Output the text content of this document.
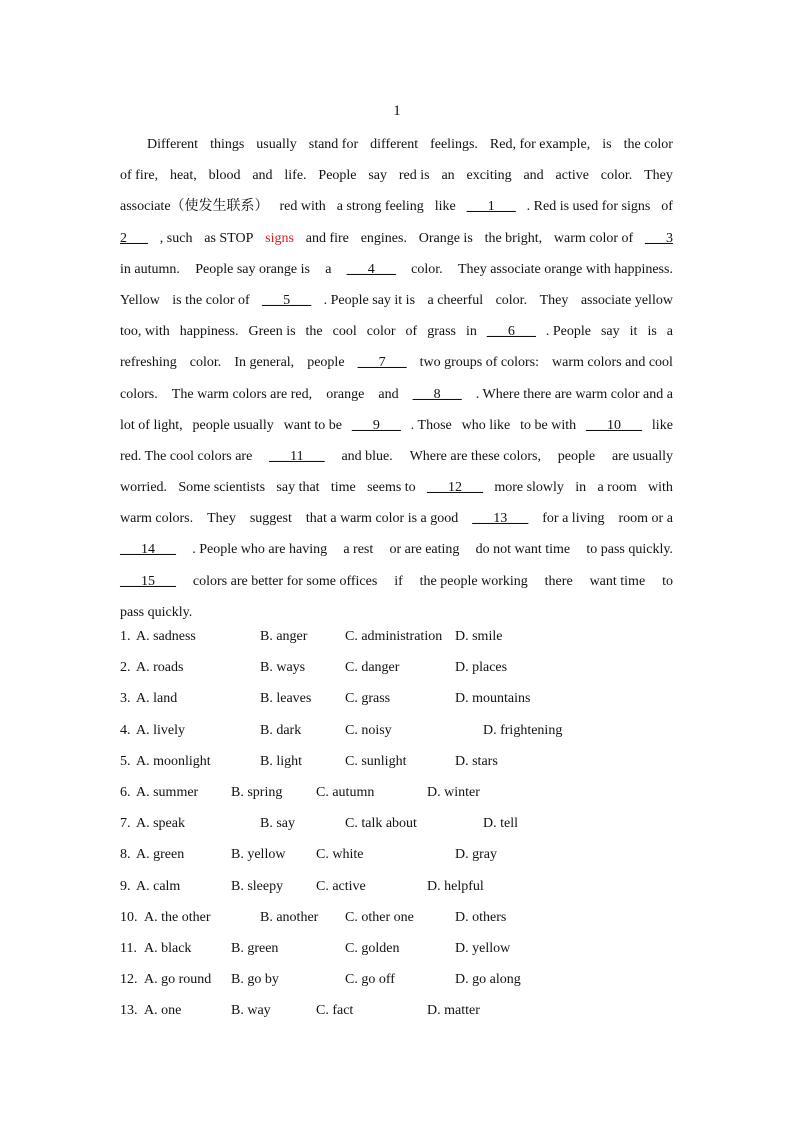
1
Different things usually stand for different feelings. Red, for example, is the color
of fire, heat, blood and life. People say red is an exciting and active color. They
associate（使发生联系） red with a strong feeling like ___1___ . Red is used for signs of
2___ , such as STOP signs and fire engines. Orange is the bright, warm color of ___3
in autumn. People say orange is a ___4___ color. They associate orange with happiness.
Yellow is the color of ___5___ . People say it is a cheerful color. They associate yellow
too, with happiness. Green is the cool color of grass in ___6___ . People say it is a
refreshing color. In general, people ___7___ two groups of colors: warm colors and cool
colors. The warm colors are red, orange and ___8___ . Where there are warm color and a
lot of light, people usually want to be ___9___ . Those who like to be with ___10___ like
red. The cool colors are ___11___ and blue. Where are these colors, people are usually
worried. Some scientists say that time seems to ___12___ more slowly in a room with
warm colors. They suggest that a warm color is a good ___13___ for a living room or a
___14___ . People who are having a rest or are eating do not want time to pass quickly.
___15___ colors are better for some offices if the people working there want time to
pass quickly.
1. A. sadness	B. anger	C. administration D. smile
2. A. roads	B. ways	C. danger	D. places
3. A. land	B. leaves C. grass	D. mountains
4. A. lively	B. dark	C. noisy	D. frightening
5. A. moonlight	B. light	C. sunlight	D. stars
6. A. summer B. spring C. autumn	D. winter
7. A. speak	B. say	C. talk about	D. tell
8. A. green	B. yellow C. white	D. gray
9. A. calm	B. sleepy C. active	D. helpful
10. A. the other	B. another C. other one	D. others
11. A. black	B. green	C. golden	D. yellow
12. A. go round B. go by	C. go off	D. go along
13. A. one	B. way	C. fact	D. matter
